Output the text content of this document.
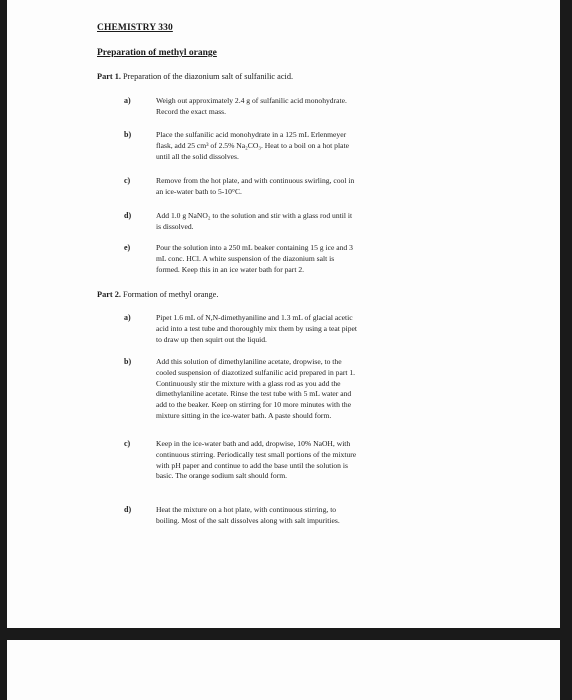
CHEMISTRY 330
Preparation of methyl orange
Part 1. Preparation of the diazonium salt of sulfanilic acid.
a)	Weigh out approximately 2.4 g of sulfanilic acid monohydrate.
Record the exact mass.
b)	Place the sulfanilic acid monohydrate in a 125 mL Erlenmeyer
flask, add 25 cm³ of 2.5% Na₂CO₃. Heat to a boil on a hot plate
until all the solid dissolves.
c)	Remove from the hot plate, and with continuous swirling, cool in
an ice-water bath to 5-10°C.
d)	Add 1.0 g NaNO₂ to the solution and stir with a glass rod until it
is dissolved.
e)	Pour the solution into a 250 mL beaker containing 15 g ice and 3
mL conc. HCl. A white suspension of the diazonium salt is
formed. Keep this in an ice water bath for part 2.
Part 2. Formation of methyl orange.
a)	Pipet 1.6 mL of N,N-dimethyaniline and 1.3 mL of glacial acetic
acid into a test tube and thoroughly mix them by using a teat pipet
to draw up then squirt out the liquid.
b)	Add this solution of dimethylaniline acetate, dropwise, to the
cooled suspension of diazotized sulfanilic acid prepared in part 1.
Continuously stir the mixture with a glass rod as you add the
dimethylaniline acetate. Rinse the test tube with 5 mL water and
add to the beaker. Keep on stirring for 10 more minutes with the
mixture sitting in the ice-water bath. A paste should form.
c)	Keep in the ice-water bath and add, dropwise, 10% NaOH, with
continuous stirring. Periodically test small portions of the mixture
with pH paper and continue to add the base until the solution is
basic. The orange sodium salt should form.
d)	Heat the mixture on a hot plate, with continuous stirring, to
boiling. Most of the salt dissolves along with salt impurities.
